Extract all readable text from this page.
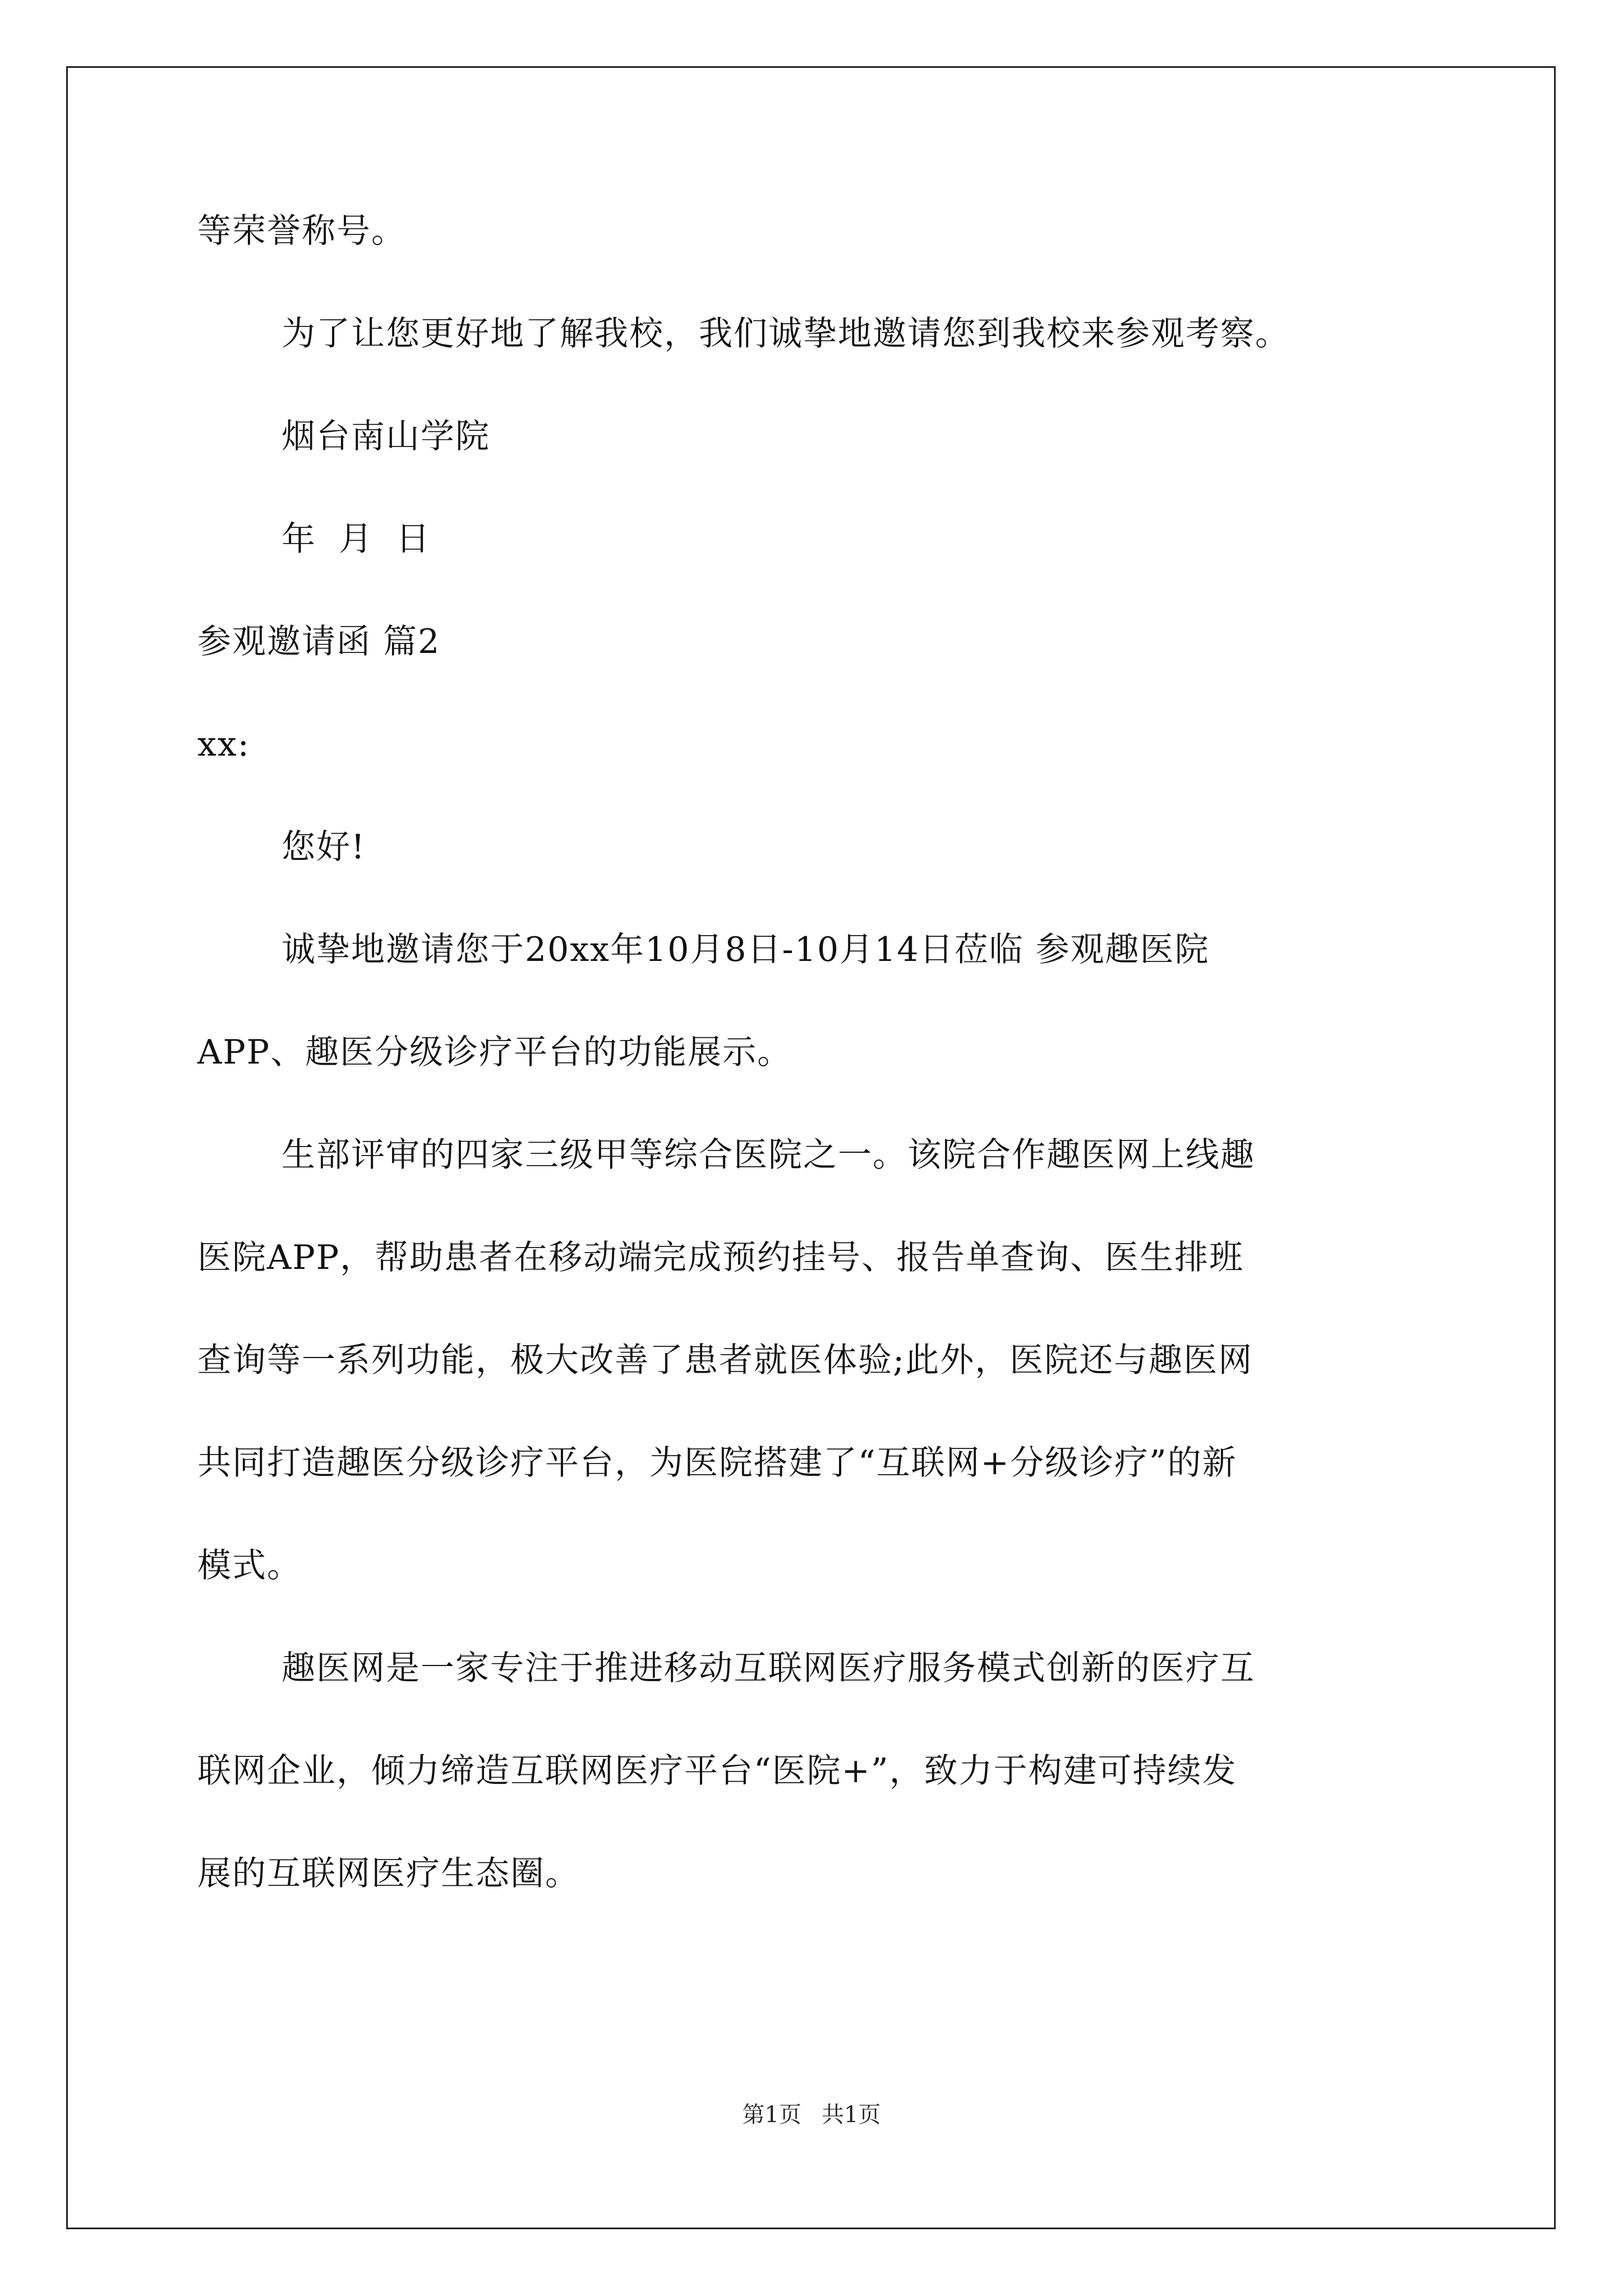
等荣誉称号。
为了让您更好地了解我校，我们诚挚地邀请您到我校来参观考察。
烟台南山学院
年 月 日
参观邀请函 篇2
xx:
您好!
诚挚地邀请您于20xx年10月8日-10月14日莅临 参观趣医院
APP、趣医分级诊疗平台的功能展示。
生部评审的四家三级甲等综合医院之一。该院合作趣医网上线趣
医院APP，帮助患者在移动端完成预约挂号、报告单查询、医生排班
查询等一系列功能，极大改善了患者就医体验;此外，医院还与趣医网
共同打造趣医分级诊疗平台，为医院搭建了“互联网+分级诊疗”的新
模式。
趣医网是一家专注于推进移动互联网医疗服务模式创新的医疗互
联网企业，倾力缔造互联网医疗平台“医院+”，致力于构建可持续发
展的互联网医疗生态圈。
第1页 共1页
